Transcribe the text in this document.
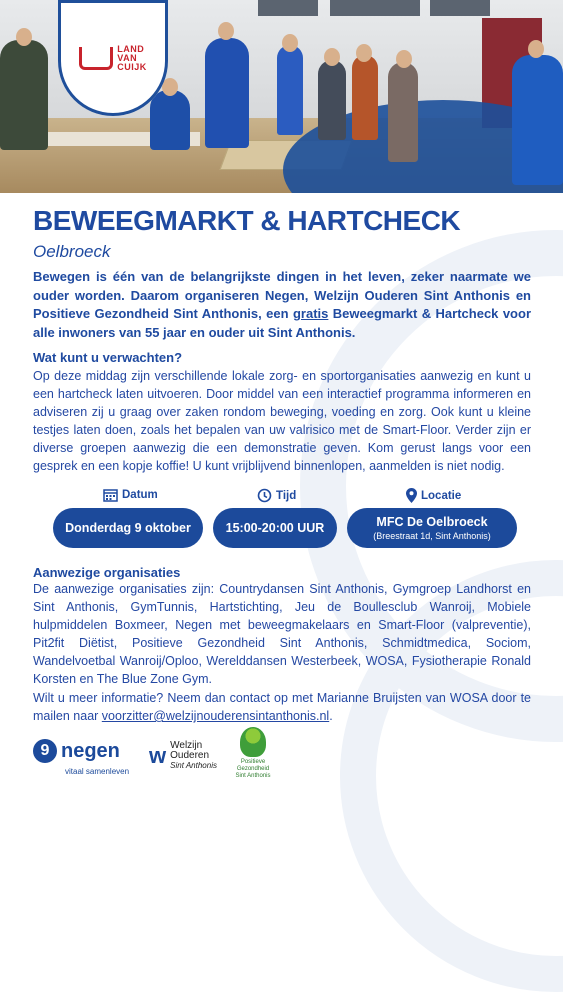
LAND
VAN
CUIJK
BEWEEGMARKT & HARTCHECK

Oelbroeck

Bewegen is één van de belangrijkste dingen in het leven, zeker naarmate we ouder worden. Daarom organiseren Negen, Welzijn Ouderen Sint Anthonis en Positieve Gezondheid Sint Anthonis, een gratis Beweegmarkt & Hartcheck voor alle inwoners van 55 jaar en ouder uit Sint Anthonis.

Wat kunt u verwachten?

Op deze middag zijn verschillende lokale zorg- en sportorganisaties aanwezig en kunt u een hartcheck laten uitvoeren. Door middel van een interactief programma informeren en adviseren zij u graag over zaken rondom beweging, voeding en zorg. Ook kunt u kleine testjes laten doen, zoals het bepalen van uw valrisico met de Smart-Floor. Verder zijn er diverse groepen aanwezig die een demonstratie geven. Kom gerust langs voor een gesprek en een kopje koffie! U kunt vrijblijvend binnenlopen, aanmelden is niet nodig.

Datum	Tijd	Locatie
Donderdag 9 oktober	15:00-20:00 UUR	MFC De Oelbroeck
(Breestraat 1d, Sint Anthonis)
Aanwezige organisaties

De aanwezige organisaties zijn: Countrydansen Sint Anthonis, Gymgroep Landhorst en Sint Anthonis, GymTunnis, Hartstichting, Jeu de Boullesclub Wanroij, Mobiele hulpmiddelen Boxmeer, Negen met beweegmakelaars en Smart-Floor (valpreventie), Pit2fit Diëtist, Positieve Gezondheid Sint Anthonis, Schmidtmedica, Sociom, Wandelvoetbal Wanroij/Oploo, Werelddansen Westerbeek, WOSA, Fysiotherapie Ronald Korsten en The Blue Zone Gym.

Wilt u meer informatie? Neem dan contact op met Marianne Bruijsten van WOSA door te mailen naar voorzitter@welzijnouderensintanthonis.nl.

9 negen
vitaal samenleven
w Welzijn
Ouderen
Sint Anthonis	Positieve Gezondheid
Sint Anthonis
